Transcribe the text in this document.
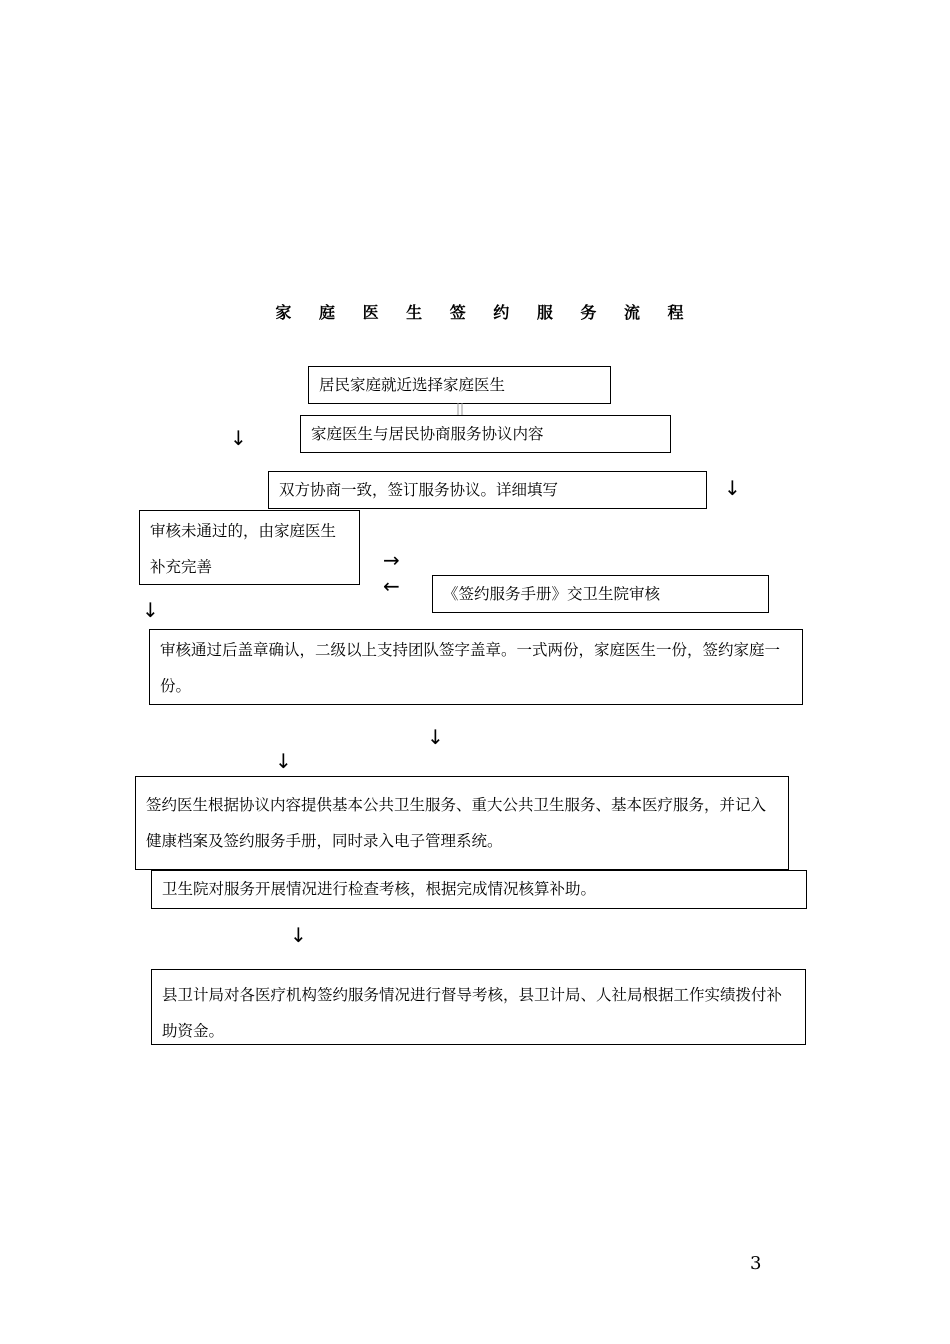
家 庭 医 生 签 约 服 务 流 程
居民家庭就近选择家庭医生
↓	家庭医生与居民协商服务协议内容
↓
双方协商一致，签订服务协议。详细填写
审核未通过的，由家庭医生补充完善	→
←	《签约服务手册》交卫生院审核
↓
审核通过后盖章确认，二级以上支持团队签字盖章。一式两份，家庭医生一份，签约家庭一份。
↓
↓
签约医生根据协议内容提供基本公共卫生服务、重大公共卫生服务、基本医疗服务，并记入健康档案及签约服务手册，同时录入电子管理系统。
卫生院对服务开展情况进行检查考核，根据完成情况核算补助。
↓
县卫计局对各医疗机构签约服务情况进行督导考核，县卫计局、人社局根据工作实绩拨付补助资金。
3
